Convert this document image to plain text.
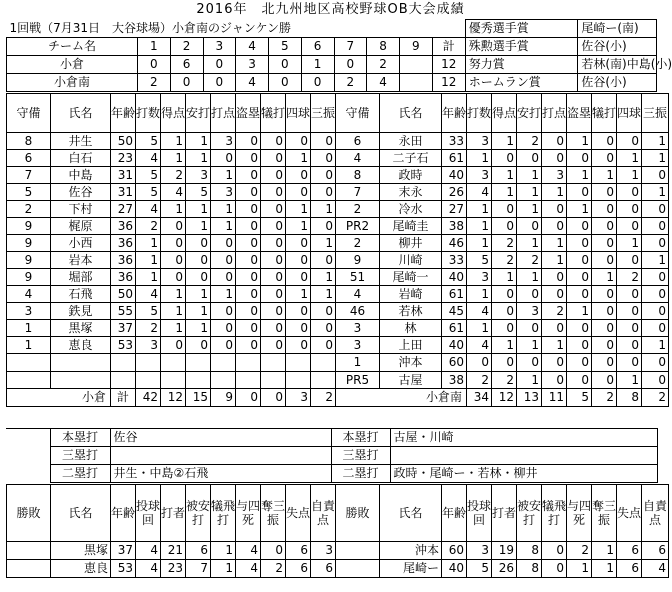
2016年　北九州地区高校野球OB大会成績
1回戦（7月31日　大谷球場）小倉南のジャンケン勝											優秀選手賞	尾崎ー(南)
チーム名	1	2	3	4	5	6	7	8	9	計	殊勲選手賞	佐谷(小)
小倉	0	6	0	3	0	1	0	2		12	努力賞	若林(南)中島(小)
小倉南	2	0	0	4	0	0	2	4		12	ホームラン賞	佐谷(小)
守備	氏名	年齢	打数	得点	安打	打点	盗塁	犠打	四球	三振	守備	氏名	年齢	打数	得点	安打	打点	盗塁	犠打	四球	三振
8	井生	50	5	1	1	3	0	0	0	0	6	永田	33	3	1	2	0	1	0	0	1
6	白石	23	4	1	1	0	0	0	1	0	4	二子石	61	1	0	0	0	0	0	1	1
7	中島	31	5	2	3	1	0	0	0	0	8	政時	40	3	1	1	3	1	1	1	0
5	佐谷	31	5	4	5	3	0	0	0	0	7	末永	26	4	1	1	1	0	0	0	1
2	下村	27	4	1	1	1	0	0	1	1	2	冷水	27	1	0	1	0	1	0	0	0
9	梶原	36	2	0	1	1	0	0	1	0	PR2	尾崎圭	38	1	0	0	0	0	0	0	0
9	小西	36	1	0	0	0	0	0	0	1	2	柳井	46	1	2	1	1	0	0	1	0
9	岩本	36	1	0	0	0	0	0	0	0	9	川崎	33	5	2	2	1	0	0	0	1
9	堀部	36	1	0	0	0	0	0	0	1	51	尾崎一	40	3	1	1	0	0	1	2	0
4	石飛	50	4	1	1	1	0	0	1	1	4	岩崎	61	1	0	0	0	0	0	0	0
3	鉄見	55	5	1	1	0	0	0	0	0	46	若林	45	4	0	3	2	1	0	0	0
1	黒塚	37	2	1	1	0	0	0	0	0	3	林	61	1	0	0	0	0	0	0	0
1	恵良	53	3	0	0	0	0	0	0	0	3	上田	40	4	1	1	1	0	0	0	1
											1	沖本	60	0	0	0	0	0	0	0	0
											PR5	古屋	38	2	2	1	0	0	0	1	0
小倉		計	42	12	15	9	0	0	3	2	小倉南			34	12	13	11	5	2	8	2
	本塁打	佐谷	本塁打	古屋・川崎
	三塁打		三塁打	
	二塁打	井生・中島②石飛	二塁打	政時・尾崎ー・若林・柳井
勝敗	氏名	年齢	投球回	打者	被安打	犠飛打	与四死	奪三振	失点	自責点	勝敗	氏名	年齢	投球回	打者	被安打	犠飛打	与四死	奪三振	失点	自責点
	黒塚	37	4	21	6	1	4	0	6	3		沖本	60	3	19	8	0	2	1	6	6
	恵良	53	4	23	7	1	4	2	6	6		尾崎ー	40	5	26	8	0	1	1	6	4
